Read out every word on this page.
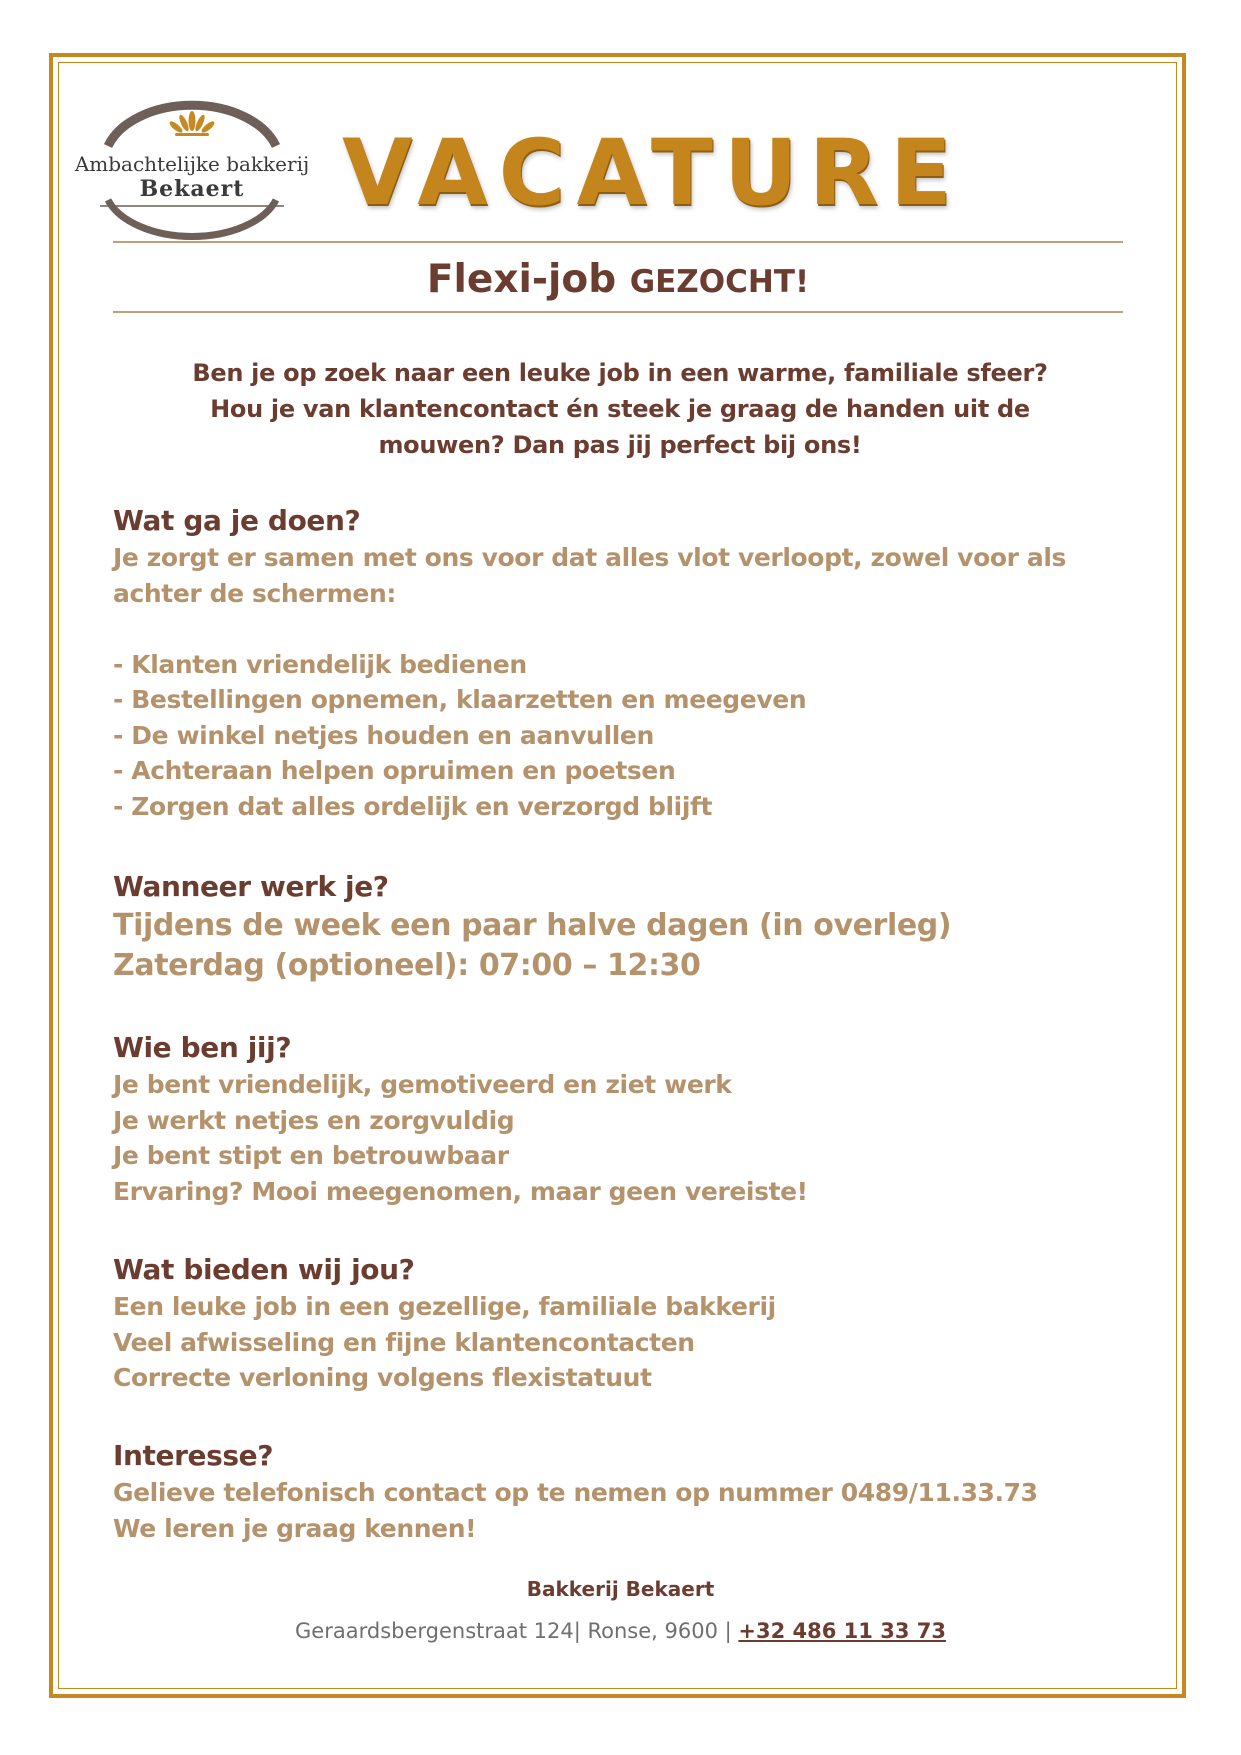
Ambachtelijke bakkerij
Bekaert	VACATURE
Flexi-job GEZOCHT!
Ben je op zoek naar een leuke job in een warme, familiale sfeer?
Hou je van klantencontact én steek je graag de handen uit de
mouwen? Dan pas jij perfect bij ons!
Wat ga je doen?
Je zorgt er samen met ons voor dat alles vlot verloopt, zowel voor als
achter de schermen:
- Klanten vriendelijk bedienen
- Bestellingen opnemen, klaarzetten en meegeven
- De winkel netjes houden en aanvullen
- Achteraan helpen opruimen en poetsen
- Zorgen dat alles ordelijk en verzorgd blijft
Wanneer werk je?
Tijdens de week een paar halve dagen (in overleg)
Zaterdag (optioneel): 07:00 – 12:30
Wie ben jij?
Je bent vriendelijk, gemotiveerd en ziet werk
Je werkt netjes en zorgvuldig
Je bent stipt en betrouwbaar
Ervaring? Mooi meegenomen, maar geen vereiste!
Wat bieden wij jou?
Een leuke job in een gezellige, familiale bakkerij
Veel afwisseling en fijne klantencontacten
Correcte verloning volgens flexistatuut
Interesse?
Gelieve telefonisch contact op te nemen op nummer 0489/11.33.73
We leren je graag kennen!
Bakkerij Bekaert
Geraardsbergenstraat 124| Ronse, 9600 | +32 486 11 33 73
